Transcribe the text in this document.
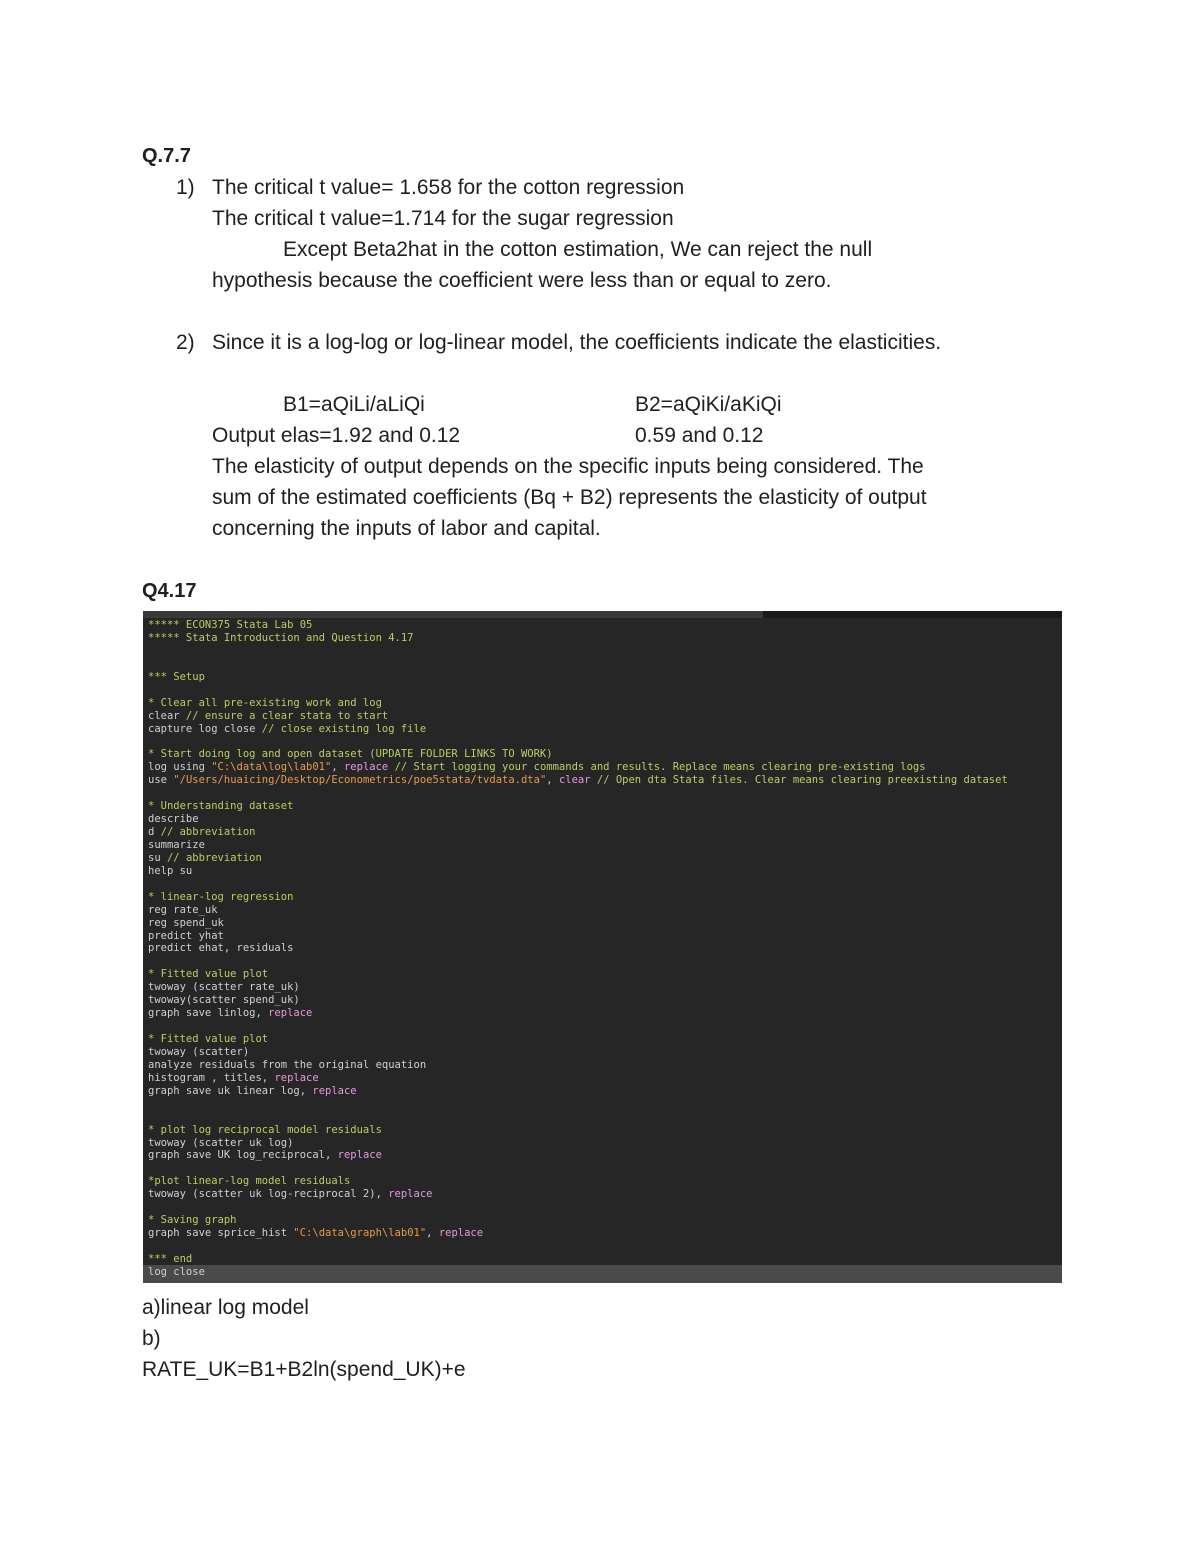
Q.7.7
1) The critical t value= 1.658 for the cotton regression
The critical t value=1.714 for the sugar regression
Except Beta2hat in the cotton estimation, We can reject the null
hypothesis because the coefficient were less than or equal to zero.
2) Since it is a log-log or log-linear model, the coefficients indicate the elasticities.
B1=aQiLi/aLiQi	B2=aQiKi/aKiQi
Output elas=1.92 and 0.12	0.59 and 0.12
The elasticity of output depends on the specific inputs being considered. The
sum of the estimated coefficients (Bq + B2) represents the elasticity of output
concerning the inputs of labor and capital.
Q4.17
***** ECON375 Stata Lab 05
***** Stata Introduction and Question 4.17
*** Setup
* Clear all pre-existing work and log
clear // ensure a clear stata to start
capture log close // close existing log file
* Start doing log and open dataset (UPDATE FOLDER LINKS TO WORK)
log using "C:\data\log\lab01", replace // Start logging your commands and results. Replace means clearing pre-existing logs
use "/Users/huaicing/Desktop/Econometrics/poe5stata/tvdata.dta", clear // Open dta Stata files. Clear means clearing preexisting dataset
* Understanding dataset
describe
d // abbreviation
summarize
su // abbreviation
help su
* linear-log regression
reg rate_uk
reg spend_uk
predict yhat
predict ehat, residuals
* Fitted value plot
twoway (scatter rate_uk)
twoway(scatter spend_uk)
graph save linlog, replace
* Fitted value plot
twoway (scatter)
analyze residuals from the original equation
histogram , titles, replace
graph save uk linear log, replace
* plot log reciprocal model residuals
twoway (scatter uk log)
graph save UK log_reciprocal, replace
*plot linear-log model residuals
twoway (scatter uk log-reciprocal 2), replace
* Saving graph
graph save sprice_hist "C:\data\graph\lab01", replace
*** end
log close
a)linear log model
b)
RATE_UK=B1+B2ln(spend_UK)+e
